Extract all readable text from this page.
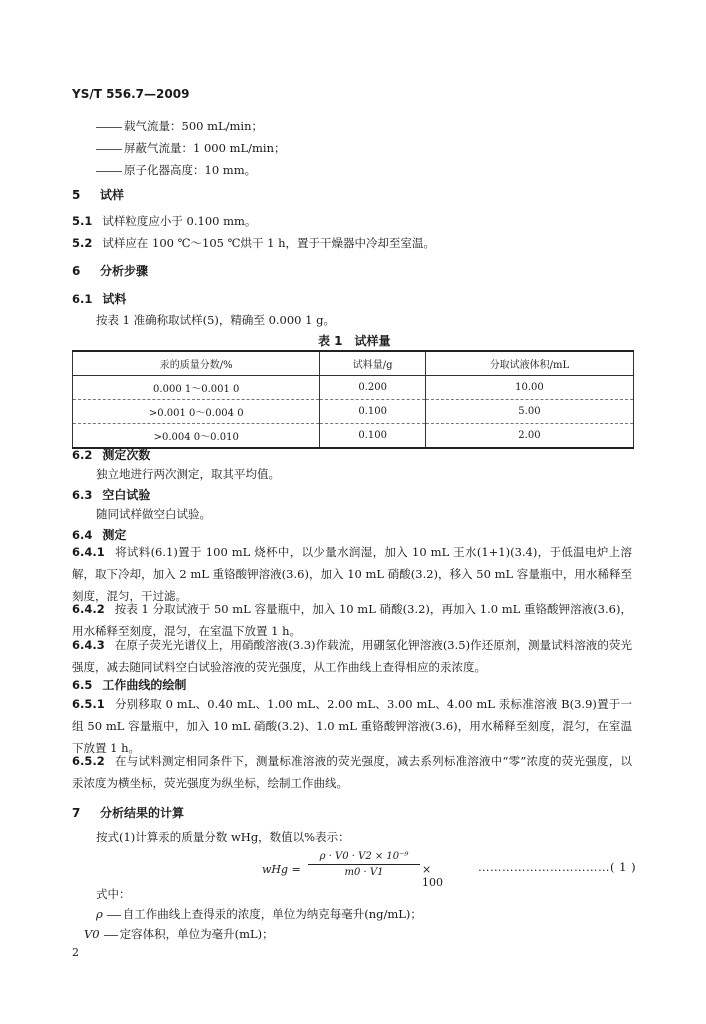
YS/T 556.7—2009
载气流量：500 mL/min；
屏蔽气流量：1 000 mL/min；
原子化器高度：10 mm。
5 试样
5.1 试样粒度应小于 0.100 mm。
5.2 试样应在 100 ℃～105 ℃烘干 1 h，置于干燥器中冷却至室温。
6 分析步骤
6.1 试料
按表 1 准确称取试样(5)，精确至 0.000 1 g。
表 1　试样量
汞的质量分数/%	试料量/g	分取试液体积/mL
0.000 1～0.001 0	0.200	10.00
>0.001 0～0.004 0	0.100	5.00
>0.004 0～0.010	0.100	2.00
6.2 测定次数
独立地进行两次测定，取其平均值。
6.3 空白试验
随同试样做空白试验。
6.4 测定
6.4.1 将试料(6.1)置于 100 mL 烧杯中，以少量水润湿，加入 10 mL 王水(1+1)(3.4)，于低温电炉上溶解，取下冷却，加入 2 mL 重铬酸钾溶液(3.6)，加入 10 mL 硝酸(3.2)，移入 50 mL 容量瓶中，用水稀释至刻度，混匀，干过滤。
6.4.2 按表 1 分取试液于 50 mL 容量瓶中，加入 10 mL 硝酸(3.2)，再加入 1.0 mL 重铬酸钾溶液(3.6)，用水稀释至刻度，混匀，在室温下放置 1 h。
6.4.3 在原子荧光光谱仪上，用硝酸溶液(3.3)作载流，用硼氢化钾溶液(3.5)作还原剂，测量试料溶液的荧光强度，减去随同试料空白试验溶液的荧光强度，从工作曲线上查得相应的汞浓度。
6.5 工作曲线的绘制
6.5.1 分别移取 0 mL、0.40 mL、1.00 mL、2.00 mL、3.00 mL、4.00 mL 汞标准溶液 B(3.9)置于一组 50 mL 容量瓶中，加入 10 mL 硝酸(3.2)、1.0 mL 重铬酸钾溶液(3.6)，用水稀释至刻度，混匀，在室温下放置 1 h。
6.5.2 在与试料测定相同条件下，测量标准溶液的荧光强度，减去系列标准溶液中“零”浓度的荧光强度，以汞浓度为横坐标，荧光强度为纵坐标，绘制工作曲线。
7 分析结果的计算
按式(1)计算汞的质量分数 wHg，数值以%表示：
wHg = $\frac{\text{ρ · V0 · V2 × 10⁻⁹}}{m0 \cdot V1} \times 100$
……………………………( 1 )
式中：
ρ 自工作曲线上查得汞的浓度，单位为纳克每毫升(ng/mL)；
V0 定容体积，单位为毫升(mL)；
2
